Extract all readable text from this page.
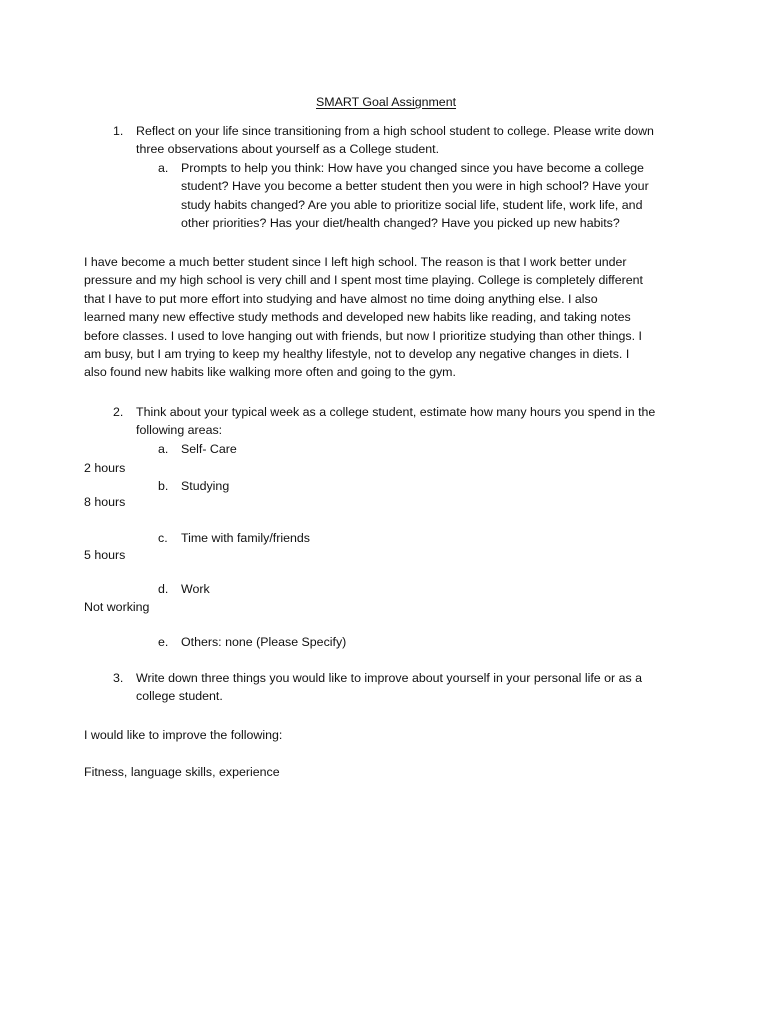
SMART Goal Assignment
1. Reflect on your life since transitioning from a high school student to college. Please write down
three observations about yourself as a College student.
a. Prompts to help you think: How have you changed since you have become a college
student? Have you become a better student then you were in high school? Have your
study habits changed? Are you able to prioritize social life, student life, work life, and
other priorities? Has your diet/health changed? Have you picked up new habits?
I have become a much better student since I left high school. The reason is that I work better under
pressure and my high school is very chill and I spent most time playing. College is completely different
that I have to put more effort into studying and have almost no time doing anything else. I also
learned many new effective study methods and developed new habits like reading, and taking notes
before classes. I used to love hanging out with friends, but now I prioritize studying than other things. I
am busy, but I am trying to keep my healthy lifestyle, not to develop any negative changes in diets. I
also found new habits like walking more often and going to the gym.
2. Think about your typical week as a college student, estimate how many hours you spend in the
following areas:
a. Self- Care
2 hours
b. Studying
8 hours
c. Time with family/friends
5 hours
d. Work
Not working
e. Others: none (Please Specify)
3. Write down three things you would like to improve about yourself in your personal life or as a
college student.
I would like to improve the following:
Fitness, language skills, experience
